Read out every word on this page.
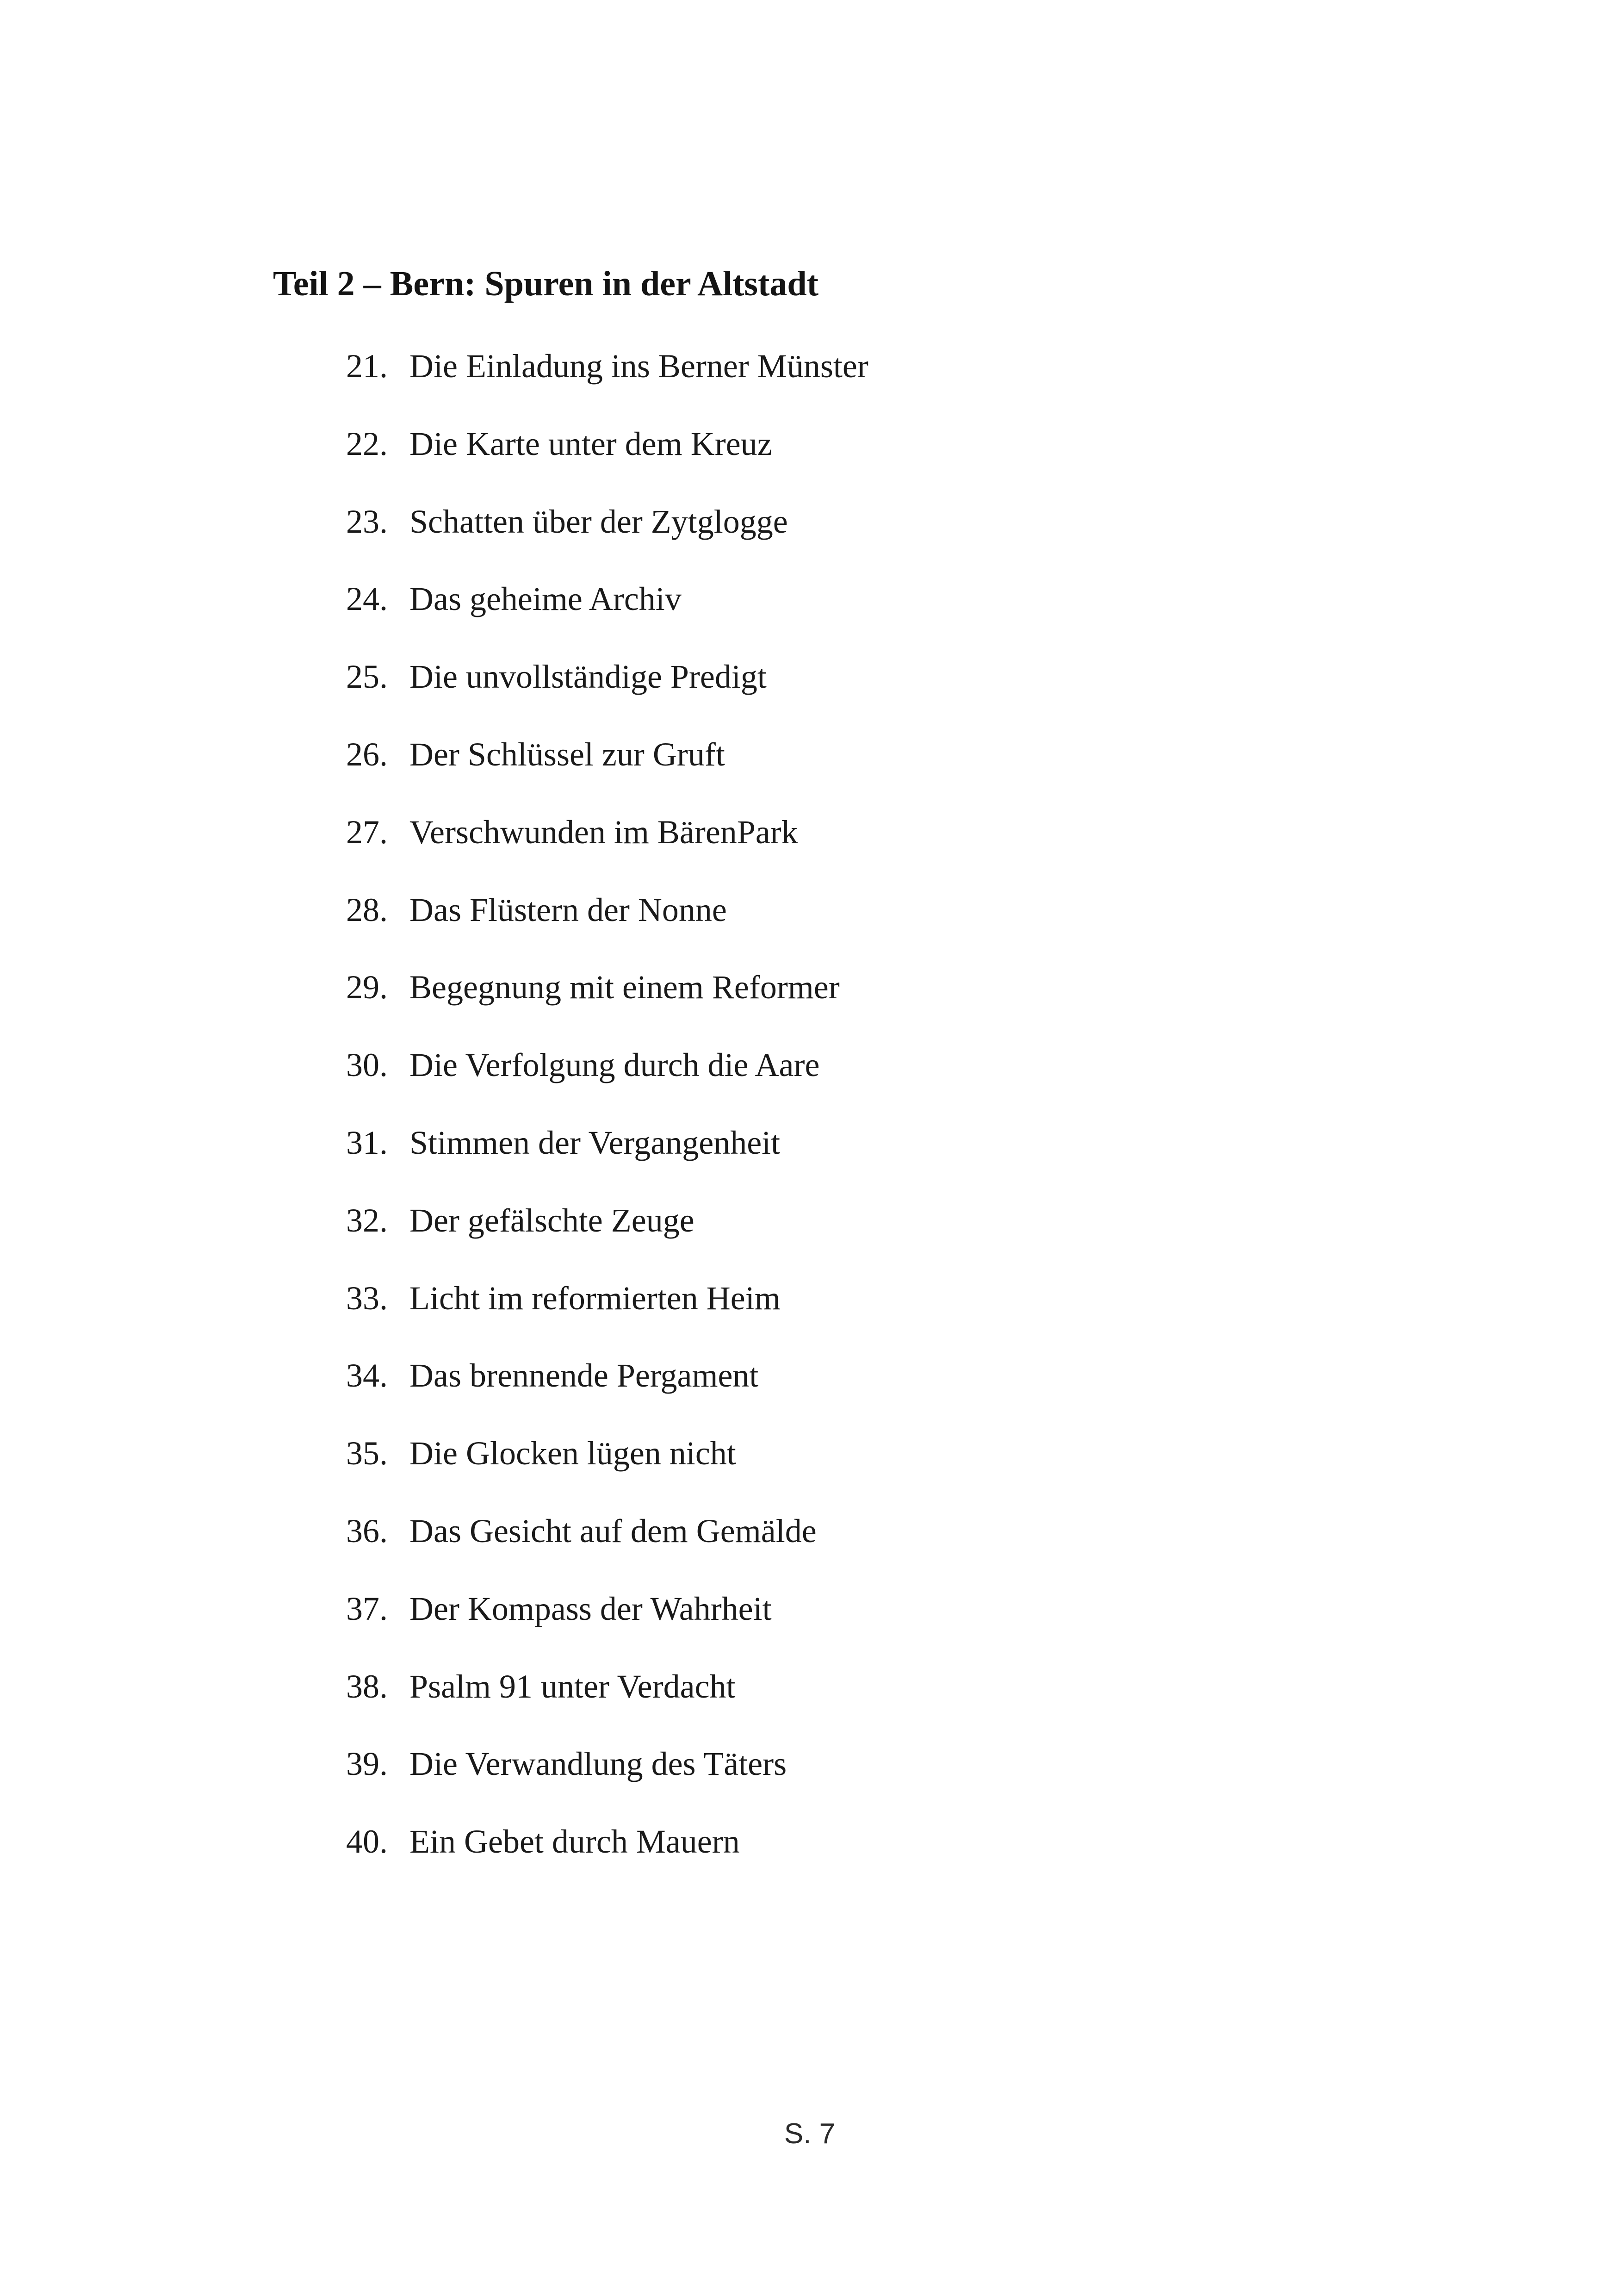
Teil 2 – Bern: Spuren in der Altstadt
21. Die Einladung ins Berner Münster
22. Die Karte unter dem Kreuz
23. Schatten über der Zytglogge
24. Das geheime Archiv
25. Die unvollständige Predigt
26. Der Schlüssel zur Gruft
27. Verschwunden im BärenPark
28. Das Flüstern der Nonne
29. Begegnung mit einem Reformer
30. Die Verfolgung durch die Aare
31. Stimmen der Vergangenheit
32. Der gefälschte Zeuge
33. Licht im reformierten Heim
34. Das brennende Pergament
35. Die Glocken lügen nicht
36. Das Gesicht auf dem Gemälde
37. Der Kompass der Wahrheit
38. Psalm 91 unter Verdacht
39. Die Verwandlung des Täters
40. Ein Gebet durch Mauern
S. 7
